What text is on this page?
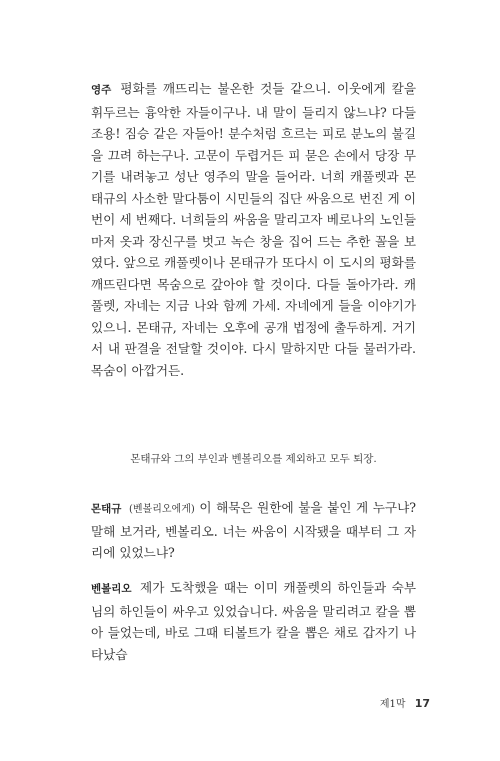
영주 평화를 깨뜨리는 불온한 것들 같으니. 이웃에게 칼을 휘두르는 흉악한 자들이구나. 내 말이 들리지 않느냐? 다들 조용! 짐승 같은 자들아! 분수처럼 흐르는 피로 분노의 불길을 끄려 하는구나. 고문이 두렵거든 피 묻은 손에서 당장 무기를 내려놓고 성난 영주의 말을 들어라. 너희 캐풀렛과 몬태규의 사소한 말다툼이 시민들의 집단 싸움으로 번진 게 이번이 세 번째다. 너희들의 싸움을 말리고자 베로나의 노인들마저 옷과 장신구를 벗고 녹슨 창을 집어 드는 추한 꼴을 보였다. 앞으로 캐풀렛이나 몬태규가 또다시 이 도시의 평화를 깨뜨린다면 목숨으로 갚아야 할 것이다. 다들 돌아가라. 캐풀렛, 자네는 지금 나와 함께 가세. 자네에게 들을 이야기가 있으니. 몬태규, 자네는 오후에 공개 법정에 출두하게. 거기서 내 판결을 전달할 것이야. 다시 말하지만 다들 물러가라. 목숨이 아깝거든.

몬태규와 그의 부인과 벤볼리오를 제외하고 모두 퇴장.

몬태규 (벤볼리오에게) 이 해묵은 원한에 불을 붙인 게 누구냐? 말해 보거라, 벤볼리오. 너는 싸움이 시작됐을 때부터 그 자리에 있었느냐?

벤볼리오 제가 도착했을 때는 이미 캐풀렛의 하인들과 숙부님의 하인들이 싸우고 있었습니다. 싸움을 말리려고 칼을 뽑아 들었는데, 바로 그때 티볼트가 칼을 뽑은 채로 갑자기 나타났습

제1막 17
